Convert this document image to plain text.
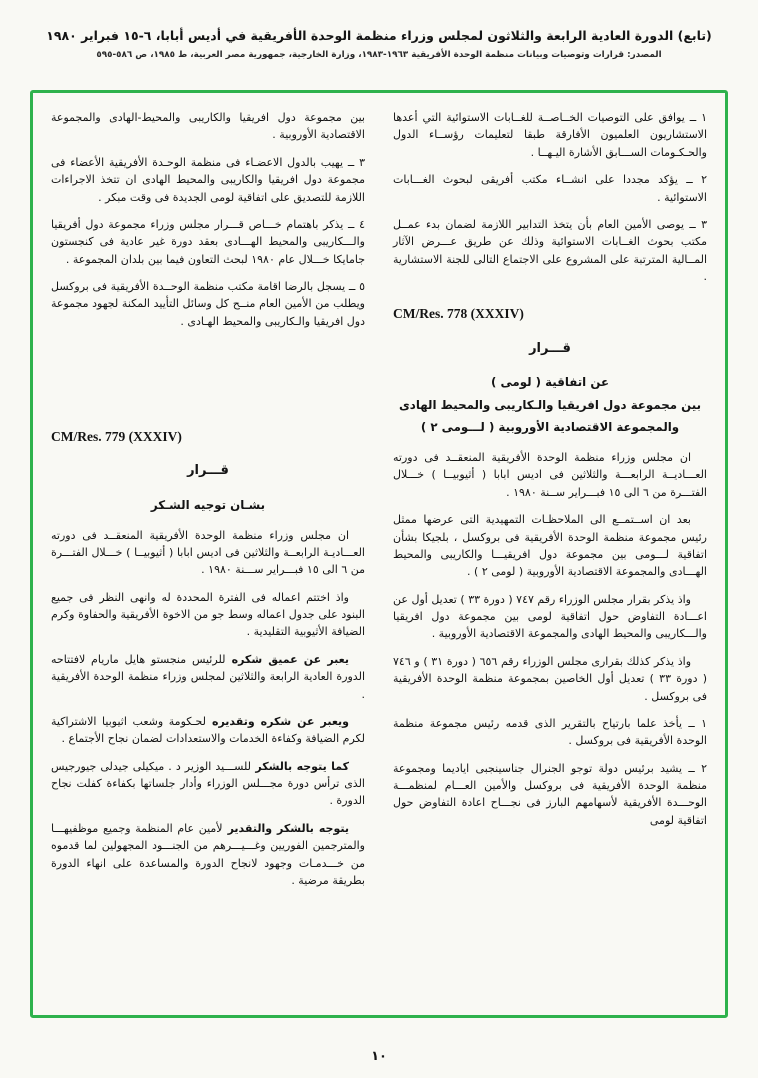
(تابع) الدورة العادية الرابعة والثلاثون لمجلس وزراء منظمة الوحدة الأفريقية في أديس أبابا، ٦-١٥ فبراير ١٩٨٠
المصدر: قرارات وتوصيات وبيانات منظمة الوحدة الأفريقية ١٩٦٣-١٩٨٣، وزارة الخارجية، جمهورية مصر العربية، ط ١٩٨٥، ص ٥٨٦-٥٩٥

١ ــ يوافق على التوصيات الخــاصــة للغــابات الاستوائية التي أعدها الاستشاريون العلميون الأفارقة طبقا لتعليمات رؤســاء الدول والحـكـومات الســـابق الأشارة اليـهــا .

٢ ــ يؤكد مجددا على انشــاء مكتب أفريقى لبحوث الغـــابات الاستوائية .

٣ ــ يوصى الأمين العام بأن يتخذ التدابير اللازمة لضمان بدء عمــل مكتب بحوث الغــابات الاستوائية وذلك عن طريق عـــرض الآثار المــالية المترتبة على المشروع على الاجتماع التالى للجنة الاستشارية .

CM/Res. 778 (XXXIV)

قـــرار

عن اتفاقية ( لومى )

بين مجموعة دول افريقيا والـكاريبى والمحيط الهادى

والمجموعة الاقتصادية الأوروبية ( لـــومى ٢ )

ان مجلس وزراء منظمة الوحدة الأفريقية المنعقــد فى دورته العـــاديــة الرابعـــة والثلاثين فى اديس ابابا ( أثيوبيــا ) خـــلال الفتـــرة من ٦ الى ١٥ فبـــراير ســنة ١٩٨٠ .

بعد ان اســتمــع الى الملاحظـات التمهيدية التى عرضها ممثل رئيس مجموعة منظمة الوحدة الأفريقية فى بروكسل ، بلجيكا بشأن اتفاقية لـــومى بين مجموعة دول افريقيـــا والكاريبى والمحيط الهـــادى والمجموعة الاقتصادية الأوروبية ( لومى ٢ ) .

واذ يذكر بقرار مجلس الوزراء رقم ٧٤٧ ( دورة ٣٣ ) تعديل أول عن اعـــادة التفاوض حول اتفاقية لومى بين مجموعة دول افريقيا والـــكاريبى والمحيط الهادى والمجموعة الاقتصادية الأوروبية .

واذ يذكر كذلك بقرارى مجلس الوزراء رقم ٦٥٦ ( دورة ٣١ ) و ٧٤٦ ( دورة ٣٣ ) تعديل أول الخاصين بمجموعة منظمة الوحدة الأفريقية فى بروكسل .

١ ــ يأخذ علما بارتياح بالتقرير الذى قدمه رئيس مجموعة منظمة الوحدة الأفريقية فى بروكسل .

٢ ــ يشيد برئيس دولة توجو الجنرال جناسينجبى اياديما ومجموعة منظمة الوحدة الأفريقية فى بروكسل والأمين العـــام لمنظمـــة الوحـــدة الأفريقية لأسهامهم البارز فى نجـــاح اعادة التفاوض حول اتفاقية لومى

بين مجموعة دول افريقيا والكاريبى والمحيط-الهادى والمجموعة الاقتصادية الأوروبية .

٣ ــ يهيب بالدول الاعضـاء فى منظمة الوحـدة الأفريقية الأعضاء فى مجموعة دول افريقيا والكاريبى والمحيط الهادى ان تتخذ الاجراءات اللازمة للتصديق على اتفاقية لومى الجديدة فى وقت مبكر .

٤ ــ يذكر باهتمام خـــاص قـــرار مجلس وزراء مجموعة دول أفريقيا والـــكاريبى والمحيط الهـــادى بعقد دورة غير عادية فى كنجستون جامايكا خـــلال عام ١٩٨٠ لبحث التعاون فيما بين بلدان المجموعة .

٥ ــ يسجل بالرضا اقامة مكتب منظمة الوحــدة الأفريقية فى بروكسل ويطلب من الأمين العام منــح كل وسائل التأييد المكنة لجهود مجموعة دول افريقيا والـكاريبى والمحيط الهـادى .

CM/Res. 779 (XXXIV)

قـــرار

بشـان توجيه الشـكر

ان مجلس وزراء منظمة الوحدة الأفريقية المنعقــد فى دورته العـــاديـة الرابعــة والثلاثين فى اديس ابابا ( أثيوبيــا ) خـــلال الفتـــرة من ٦ الى ١٥ فبـــراير ســـنة ١٩٨٠ .

واذ اختتم اعماله فى الفترة المحددة له وانهى النظر فى جميع البنود على جدول اعماله وسط جو من الاخوة الأفريقية والحفاوة وكرم الضيافة الأثيوبية التقليدية .

يعبر عن عميق شكره للرئيس منجستو هايل ماريام لافتتاحه الدورة العادية الرابعة والثلاثين لمجلس وزراء منظمة الوحدة الأفريقية .

ويعبر عن شكره وتقديره لحـكومة وشعب اثيوبيا الاشتراكية لكرم الضيافة وكفاءة الخدمات والاستعدادات لضمان نجاح الأجتماع .

كما يتوجه بالشكر للســـيد الوزير د . ميكيلى جيدلى جيورجيس الذى ترأس دورة مجـــلس الوزراء وأدار جلساتها بكفاءة كفلت نجاح الدورة .

يتوجه بالشكر والتقدير لأمين عام المنظمة وجميع موظفيهـــا والمترجمين الفوريين وغـــيـــرهم من الجنـــود المجهولين لما قدموه من خـــدمـات وجهود لانجاح الدورة والمساعدة على انهاء الدورة بطريقة مرضية .

١٠
